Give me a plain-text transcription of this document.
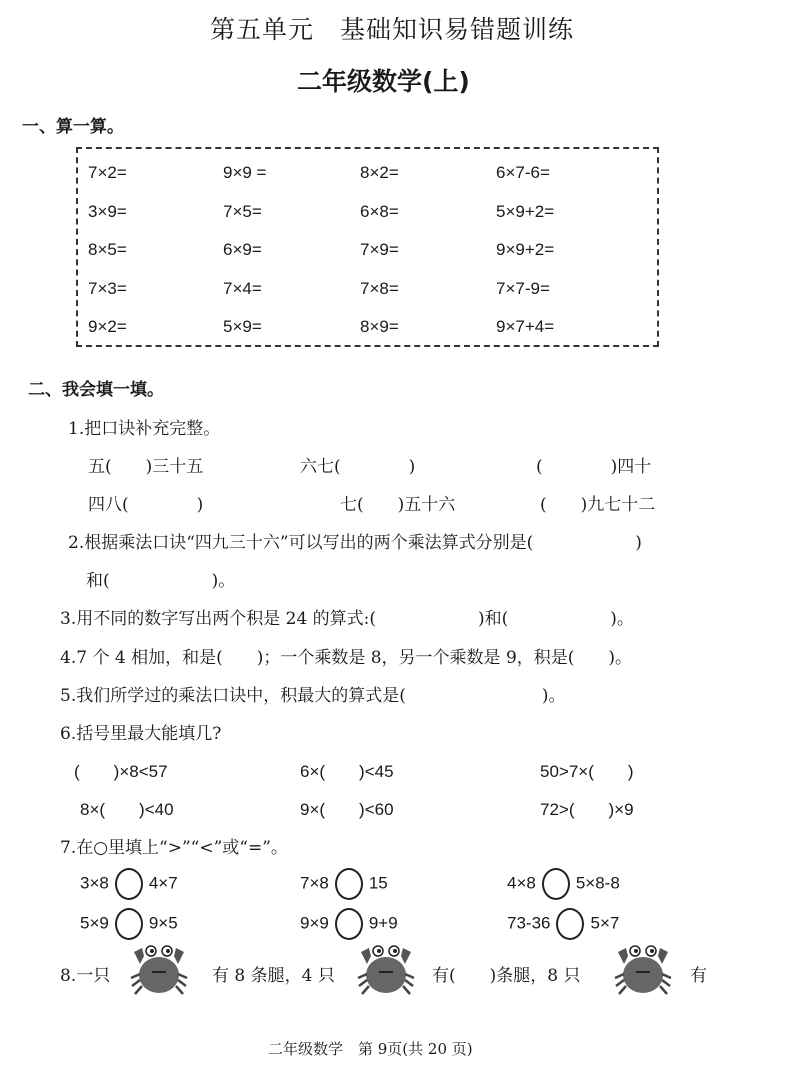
第五单元　基础知识易错题训练
二年级数学(上)
一、算一算。
7×2=	9×9 =	8×2=	6×7-6=
3×9=	7×5=	6×8=	5×9+2=
8×5=	6×9=	7×9=	9×9+2=
7×3=	7×4=	7×8=	7×7-9=
9×2=	5×9=	8×9=	9×7+4=
二、我会填一填。
1.把口诀补充完整。
五(　　)三十五	六七(　　　　)	(　　　　)四十
四八(　　　　)	七(　　)五十六	(　　)九七十二
2.根据乘法口诀“四九三十六”可以写出的两个乘法算式分别是(　　　　　　)
和(　　　　　　)。
3.用不同的数字写出两个积是 24 的算式:(　　　　　　)和(　　　　　　)。
4.7 个 4 相加，和是(　　)；一个乘数是 8，另一个乘数是 9，积是(　　)。
5.我们所学过的乘法口诀中，积最大的算式是(　　　　　　　　)。
6.括号里最大能填几?
(　　)×8<57	6×(　　)<45	50>7×(　　)
8×(　　)<40	9×(　　)<60	72>(　　)×9
7.在○里填上“>”“<”或“=”。
3×8 4×7	7×8 15	4×8 5×8-8
5×9 9×5	9×9 9+9	73-36 5×7
8.一只	有 8 条腿，4 只	有(　　)条腿，8 只	有
二年级数学　第 9页(共 20 页)
